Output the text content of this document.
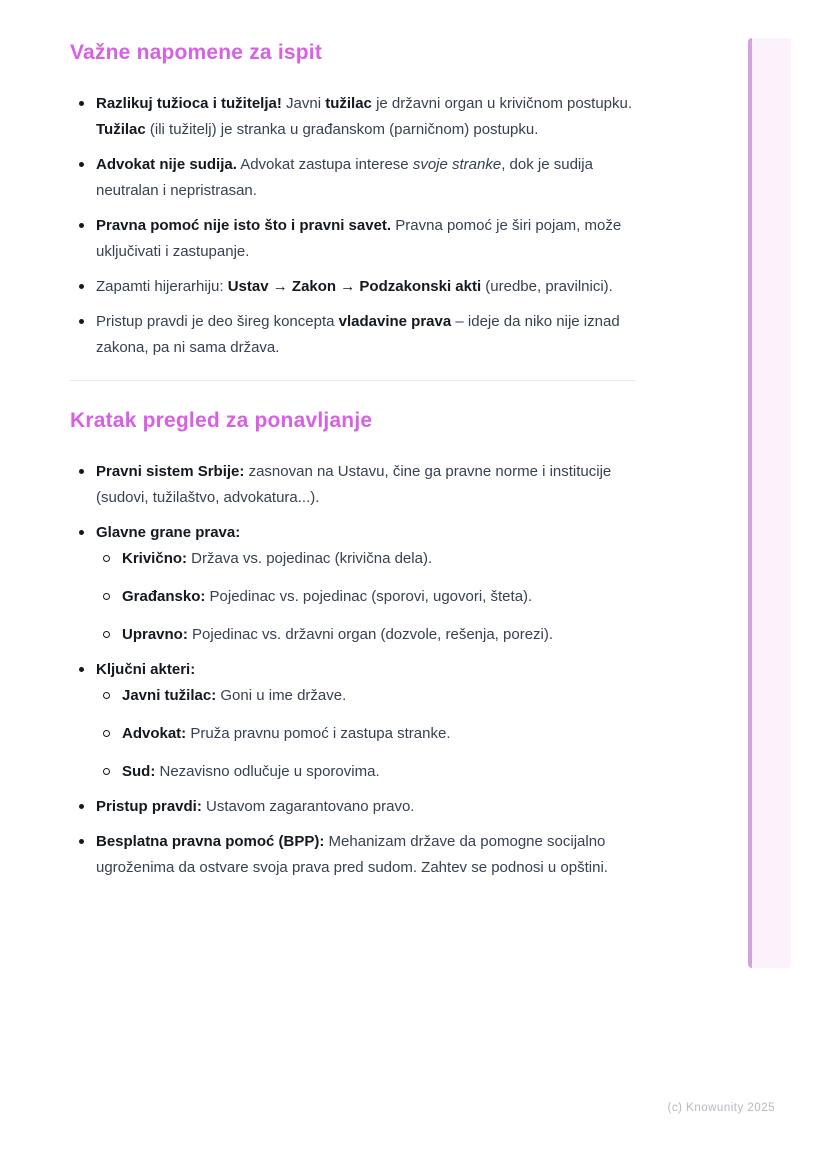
Važne napomene za ispit
Razlikuj tužioca i tužitelja! Javni tužilac je državni organ u krivičnom postupku. Tužilac (ili tužitelj) je stranka u građanskom (parničnom) postupku.
Advokat nije sudija. Advokat zastupa interese svoje stranke, dok je sudija neutralan i nepristrasan.
Pravna pomoć nije isto što i pravni savet. Pravna pomoć je širi pojam, može uključivati i zastupanje.
Zapamti hijerarhiju: Ustav → Zakon → Podzakonski akti (uredbe, pravilnici).
Pristup pravdi je deo šireg koncepta vladavine prava – ideje da niko nije iznad zakona, pa ni sama država.
Kratak pregled za ponavljanje
Pravni sistem Srbije: zasnovan na Ustavu, čine ga pravne norme i institucije (sudovi, tužilaštvo, advokatura...).
Glavne grane prava:
Krivično: Država vs. pojedinac (krivična dela).
Građansko: Pojedinac vs. pojedinac (sporovi, ugovori, šteta).
Upravno: Pojedinac vs. državni organ (dozvole, rešenja, porezi).
Ključni akteri:
Javni tužilac: Goni u ime države.
Advokat: Pruža pravnu pomoć i zastupa stranke.
Sud: Nezavisno odlučuje u sporovima.
Pristup pravdi: Ustavom zagarantovano pravo.
Besplatna pravna pomoć (BPP): Mehanizam države da pomogne socijalno ugroženima da ostvare svoja prava pred sudom. Zahtev se podnosi u opštini.
(c) Knowunity 2025
